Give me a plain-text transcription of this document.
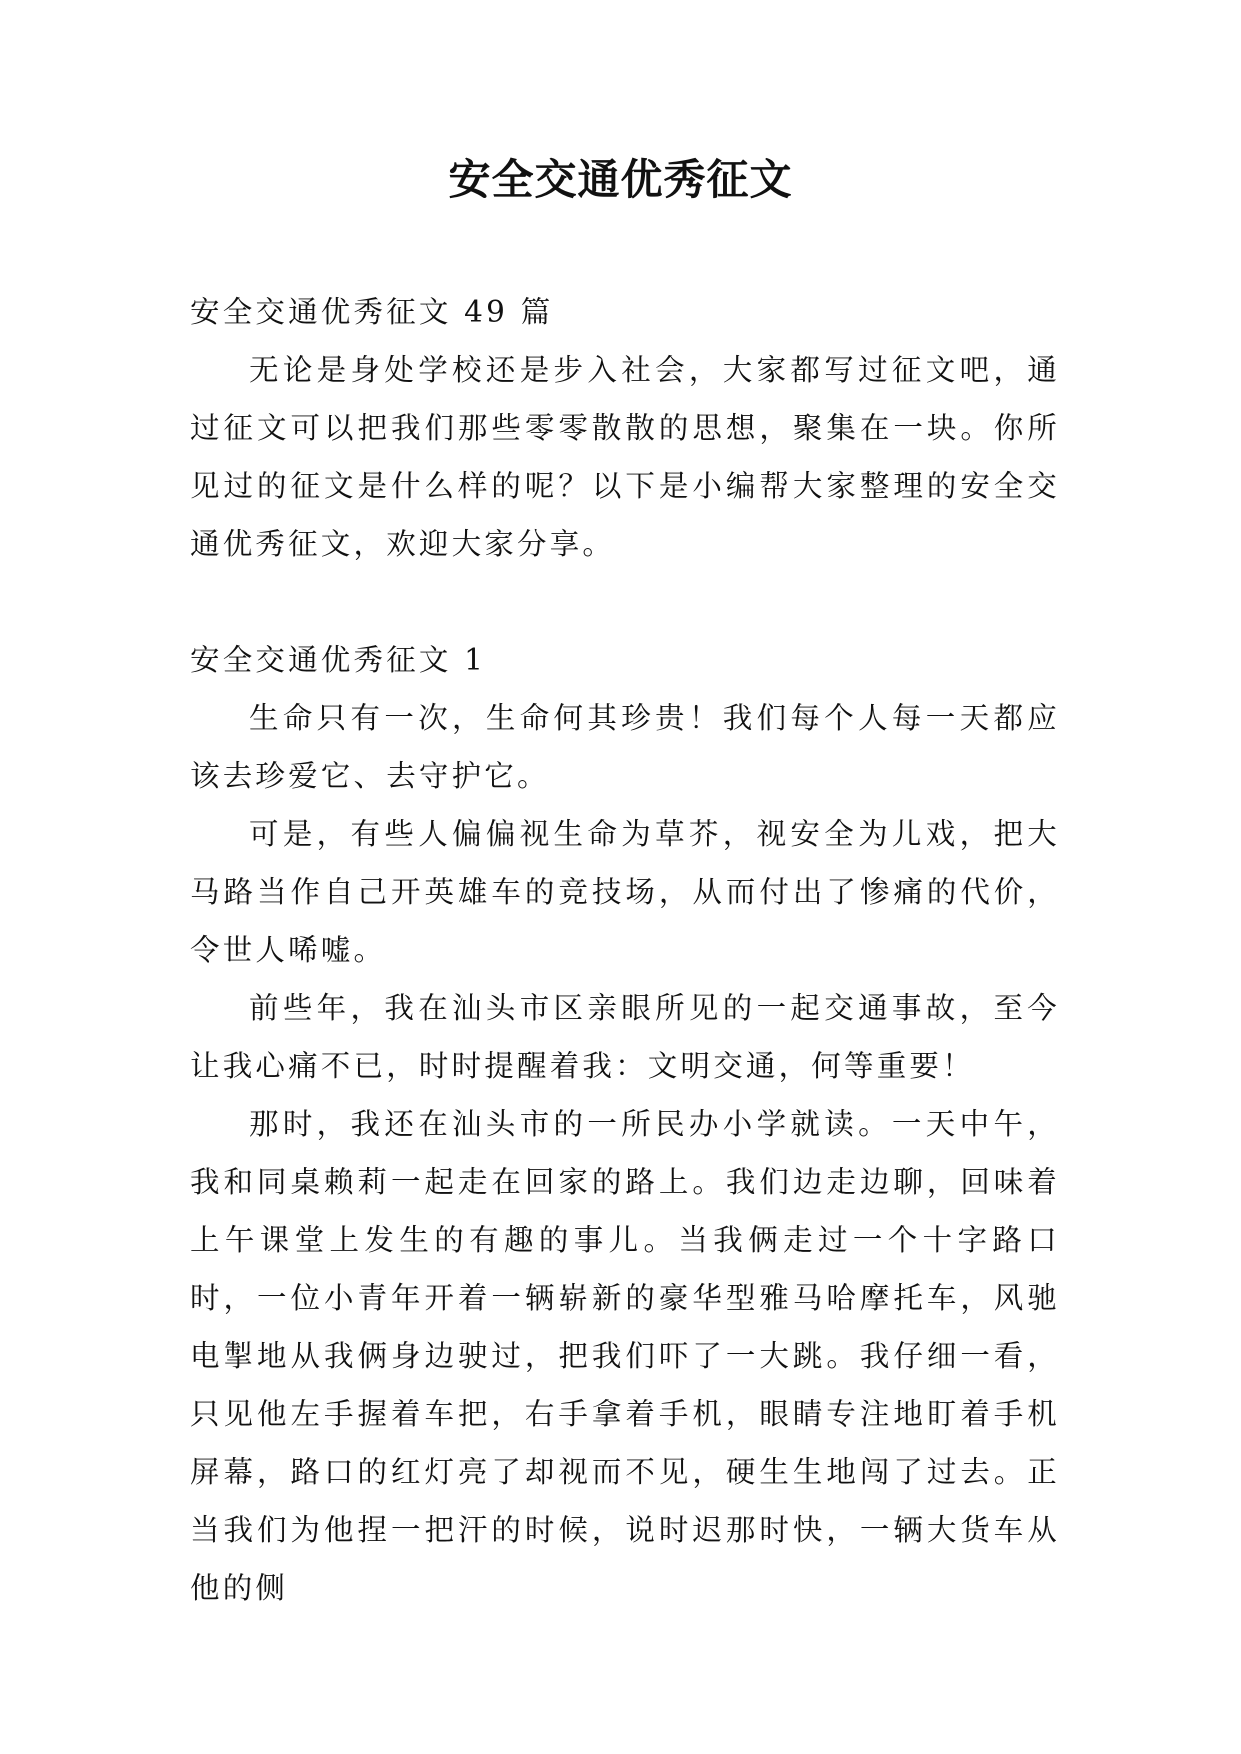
安全交通优秀征文

安全交通优秀征文 49 篇

无论是身处学校还是步入社会，大家都写过征文吧，通过征文可以把我们那些零零散散的思想，聚集在一块。你所见过的征文是什么样的呢？以下是小编帮大家整理的安全交通优秀征文，欢迎大家分享。

安全交通优秀征文 1

生命只有一次，生命何其珍贵！我们每个人每一天都应该去珍爱它、去守护它。

可是，有些人偏偏视生命为草芥，视安全为儿戏，把大马路当作自己开英雄车的竞技场，从而付出了惨痛的代价，令世人唏嘘。

前些年，我在汕头市区亲眼所见的一起交通事故，至今让我心痛不已，时时提醒着我：文明交通，何等重要！

那时，我还在汕头市的一所民办小学就读。一天中午，我和同桌赖莉一起走在回家的路上。我们边走边聊，回味着上午课堂上发生的有趣的事儿。当我俩走过一个十字路口时，一位小青年开着一辆崭新的豪华型雅马哈摩托车，风驰电掣地从我俩身边驶过，把我们吓了一大跳。我仔细一看，只见他左手握着车把，右手拿着手机，眼睛专注地盯着手机屏幕，路口的红灯亮了却视而不见，硬生生地闯了过去。正当我们为他捏一把汗的时候，说时迟那时快，一辆大货车从他的侧
